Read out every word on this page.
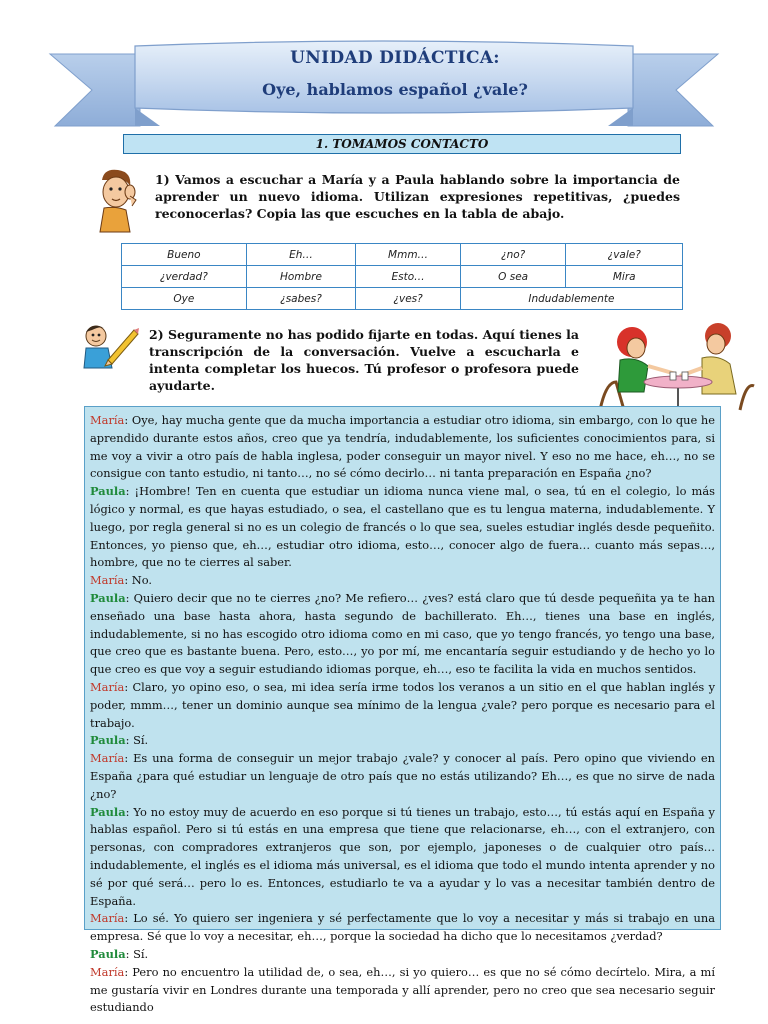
UNIDAD DIDÁCTICA:
Oye, hablamos español ¿vale?
1. TOMAMOS CONTACTO
1) Vamos a escuchar a María y a Paula hablando sobre la importancia de aprender un nuevo idioma. Utilizan expresiones repetitivas, ¿puedes reconocerlas? Copia las que escuches en la tabla de abajo.
Bueno	Eh…	Mmm…	¿no?	¿vale?
¿verdad?	Hombre	Esto…	O sea	Mira
Oye	¿sabes?	¿ves?	Indudablemente	
2) Seguramente no has podido fijarte en todas. Aquí tienes la transcripción de la conversación. Vuelve a escucharla e intenta completar los huecos. Tú profesor o profesora puede ayudarte.
María: Oye, hay mucha gente que da mucha importancia a estudiar otro idioma, sin embargo, con lo que he aprendido durante estos años, creo que ya tendría, indudablemente, los suficientes conocimientos para, si me voy a vivir a otro país de habla inglesa, poder conseguir un mayor nivel. Y eso no me hace, eh…, no se consigue con tanto estudio, ni tanto…, no sé cómo decirlo… ni tanta preparación en España ¿no?
Paula: ¡Hombre! Ten en cuenta que estudiar un idioma nunca viene mal, o sea, tú en el colegio, lo más lógico y normal, es que hayas estudiado, o sea, el castellano que es tu lengua materna, indudablemente. Y luego, por regla general si no es un colegio de francés o lo que sea, sueles estudiar inglés desde pequeñito. Entonces, yo pienso que, eh…, estudiar otro idioma, esto…, conocer algo de fuera… cuanto más sepas…, hombre, que no te cierres al saber.
María: No.
Paula: Quiero decir que no te cierres ¿no? Me refiero… ¿ves? está claro que tú desde pequeñita ya te han enseñado una base hasta ahora, hasta segundo de bachillerato. Eh…, tienes una base en inglés, indudablemente, si no has escogido otro idioma como en mi caso, que yo tengo francés, yo tengo una base, que creo que es bastante buena. Pero, esto…, yo por mí, me encantaría seguir estudiando y de hecho yo lo que creo es que voy a seguir estudiando idiomas porque, eh…, eso te facilita la vida en muchos sentidos.
María: Claro, yo opino eso, o sea, mi idea sería irme todos los veranos a un sitio en el que hablan inglés y poder, mmm…, tener un dominio aunque sea mínimo de la lengua ¿vale? pero porque es necesario para el trabajo.
Paula: Sí.
María: Es una forma de conseguir un mejor trabajo ¿vale? y conocer al país. Pero opino que viviendo en España ¿para qué estudiar un lenguaje de otro país que no estás utilizando? Eh…, es que no sirve de nada ¿no?
Paula: Yo no estoy muy de acuerdo en eso porque si tú tienes un trabajo, esto…, tú estás aquí en España y hablas español. Pero si tú estás en una empresa que tiene que relacionarse, eh…, con el extranjero, con personas, con compradores extranjeros que son, por ejemplo, japoneses o de cualquier otro país… indudablemente, el inglés es el idioma más universal, es el idioma que todo el mundo intenta aprender y no sé por qué será… pero lo es. Entonces, estudiarlo te va a ayudar y lo vas a necesitar también dentro de España.
María: Lo sé. Yo quiero ser ingeniera y sé perfectamente que lo voy a necesitar y más si trabajo en una empresa. Sé que lo voy a necesitar, eh…, porque la sociedad ha dicho que lo necesitamos ¿verdad?
Paula: Sí.
María: Pero no encuentro la utilidad de, o sea, eh…, si yo quiero… es que no sé cómo decírtelo. Mira, a mí me gustaría vivir en Londres durante una temporada y allí aprender, pero no creo que sea necesario seguir estudiando
